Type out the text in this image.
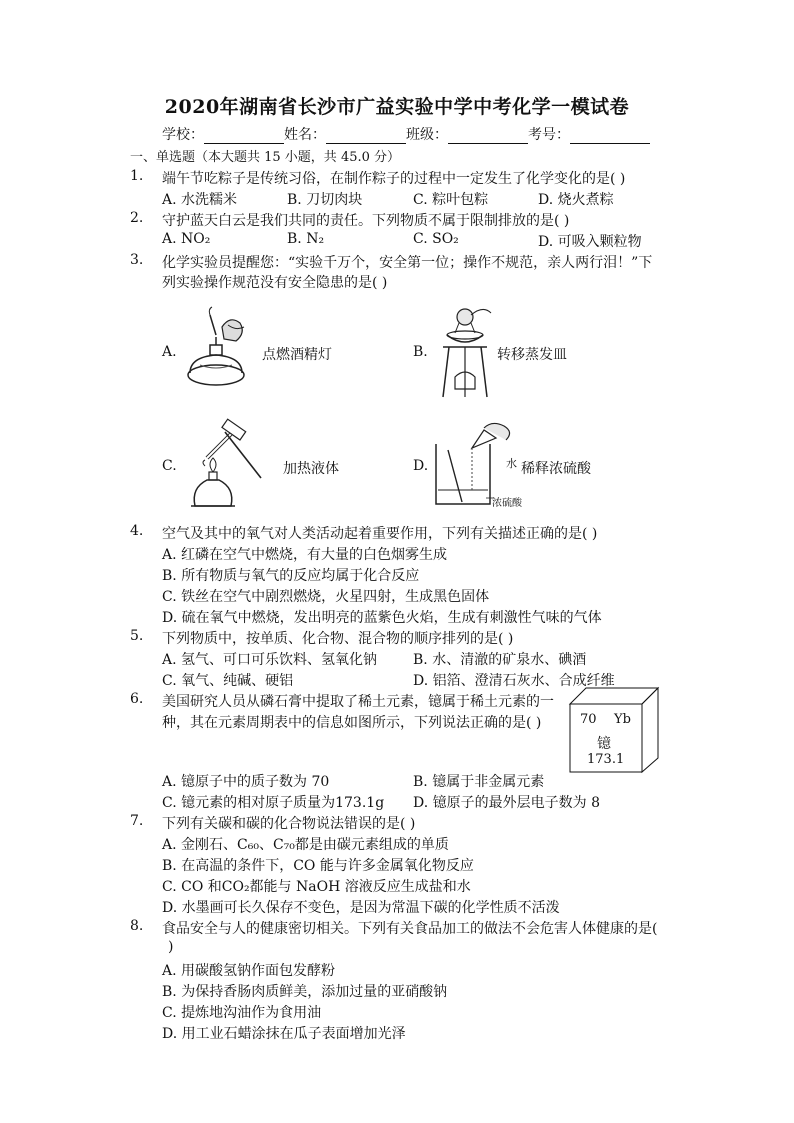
2020年湖南省长沙市广益实验中学中考化学一模试卷
学校：	姓名：	班级：	考号：
一、单选题（本大题共 15 小题，共 45.0 分）
1. 端午节吃粽子是传统习俗，在制作粽子的过程中一定发生了化学变化的是( )
A. 水洗糯米	B. 刀切肉块	C. 粽叶包粽	D. 烧火煮粽
2. 守护蓝天白云是我们共同的责任。下列物质不属于限制排放的是( )
A. NO₂	B. N₂	C. SO₂	D. 可吸入颗粒物
3. 化学实验员提醒您：“实验千万个，安全第一位；操作不规范，亲人两行泪！”下
列实验操作规范没有安全隐患的是( )
A.	点燃酒精灯	B.	转移蒸发皿
C.	加热液体	D.	水
浓硫酸
稀释浓硫酸
4. 空气及其中的氧气对人类活动起着重要作用，下列有关描述正确的是( )
A. 红磷在空气中燃烧，有大量的白色烟雾生成
B. 所有物质与氧气的反应均属于化合反应
C. 铁丝在空气中剧烈燃烧，火星四射，生成黑色固体
D. 硫在氧气中燃烧，发出明亮的蓝紫色火焰，生成有刺激性气味的气体
5. 下列物质中，按单质、化合物、混合物的顺序排列的是( )
A. 氢气、可口可乐饮料、氢氧化钠	B. 水、清澈的矿泉水、碘酒
C. 氧气、纯碱、硬铝	D. 铝箔、澄清石灰水、合成纤维
6. 美国研究人员从磷石膏中提取了稀土元素，镱属于稀土元素的一
种，其在元素周期表中的信息如图所示，下列说法正确的是( )	70 Yb
镱
173.1
A. 镱原子中的质子数为 70	B. 镱属于非金属元素
C. 镱元素的相对原子质量为173.1g D. 镱原子的最外层电子数为 8
7. 下列有关碳和碳的化合物说法错误的是( )
A. 金刚石、C₆₀、C₇₀都是由碳元素组成的单质
B. 在高温的条件下，CO 能与许多金属氧化物反应
C. CO 和CO₂都能与 NaOH 溶液反应生成盐和水
D. 水墨画可长久保存不变色，是因为常温下碳的化学性质不活泼
8. 食品安全与人的健康密切相关。下列有关食品加工的做法不会危害人体健康的是(
)
A. 用碳酸氢钠作面包发酵粉
B. 为保持香肠肉质鲜美，添加过量的亚硝酸钠
C. 提炼地沟油作为食用油
D. 用工业石蜡涂抹在瓜子表面增加光泽
